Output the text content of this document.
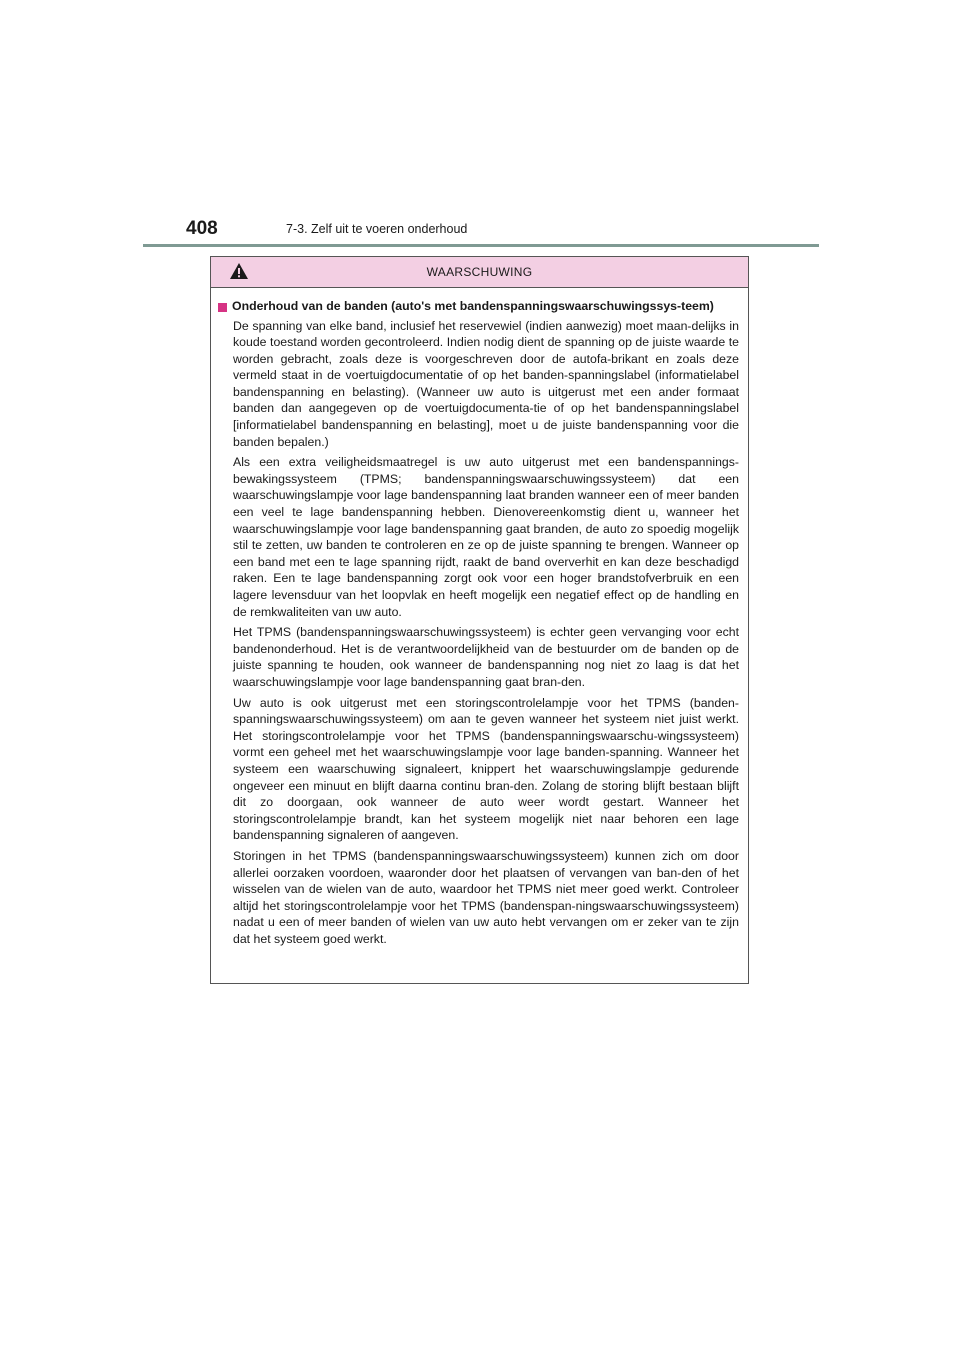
408	7-3. Zelf uit te voeren onderhoud
WAARSCHUWING
Onderhoud van de banden (auto's met bandenspanningswaarschuwingssys-teem)

De spanning van elke band, inclusief het reservewiel (indien aanwezig) moet maan-delijks in koude toestand worden gecontroleerd. Indien nodig dient de spanning op de juiste waarde te worden gebracht, zoals deze is voorgeschreven door de autofa-brikant en zoals deze vermeld staat in de voertuigdocumentatie of op het banden-spanningslabel (informatielabel bandenspanning en belasting). (Wanneer uw auto is uitgerust met een ander formaat banden dan aangegeven op de voertuigdocumenta-tie of op het bandenspanningslabel [informatielabel bandenspanning en belasting], moet u de juiste bandenspanning voor die banden bepalen.)

Als een extra veiligheidsmaatregel is uw auto uitgerust met een bandenspannings-bewakingssysteem (TPMS; bandenspanningswaarschuwingssysteem) dat een waarschuwingslampje voor lage bandenspanning laat branden wanneer een of meer banden een veel te lage bandenspanning hebben. Dienovereenkomstig dient u, wanneer het waarschuwingslampje voor lage bandenspanning gaat branden, de auto zo spoedig mogelijk stil te zetten, uw banden te controleren en ze op de juiste spanning te brengen. Wanneer op een band met een te lage spanning rijdt, raakt de band oververhit en kan deze beschadigd raken. Een te lage bandenspanning zorgt ook voor een hoger brandstofverbruik en een lagere levensduur van het loopvlak en heeft mogelijk een negatief effect op de handling en de remkwaliteiten van uw auto.

Het TPMS (bandenspanningswaarschuwingssysteem) is echter geen vervanging voor echt bandenonderhoud. Het is de verantwoordelijkheid van de bestuurder om de banden op de juiste spanning te houden, ook wanneer de bandenspanning nog niet zo laag is dat het waarschuwingslampje voor lage bandenspanning gaat bran-den.

Uw auto is ook uitgerust met een storingscontrolelampje voor het TPMS (banden-spanningswaarschuwingssysteem) om aan te geven wanneer het systeem niet juist werkt. Het storingscontrolelampje voor het TPMS (bandenspanningswaarschu-wingssysteem) vormt een geheel met het waarschuwingslampje voor lage banden-spanning. Wanneer het systeem een waarschuwing signaleert, knippert het waarschuwingslampje gedurende ongeveer een minuut en blijft daarna continu bran-den. Zolang de storing blijft bestaan blijft dit zo doorgaan, ook wanneer de auto weer wordt gestart. Wanneer het storingscontrolelampje brandt, kan het systeem mogelijk niet naar behoren een lage bandenspanning signaleren of aangeven.

Storingen in het TPMS (bandenspanningswaarschuwingssysteem) kunnen zich om door allerlei oorzaken voordoen, waaronder door het plaatsen of vervangen van ban-den of het wisselen van de wielen van de auto, waardoor het TPMS niet meer goed werkt. Controleer altijd het storingscontrolelampje voor het TPMS (bandenspan-ningswaarschuwingssysteem) nadat u een of meer banden of wielen van uw auto hebt vervangen om er zeker van te zijn dat het systeem goed werkt.
